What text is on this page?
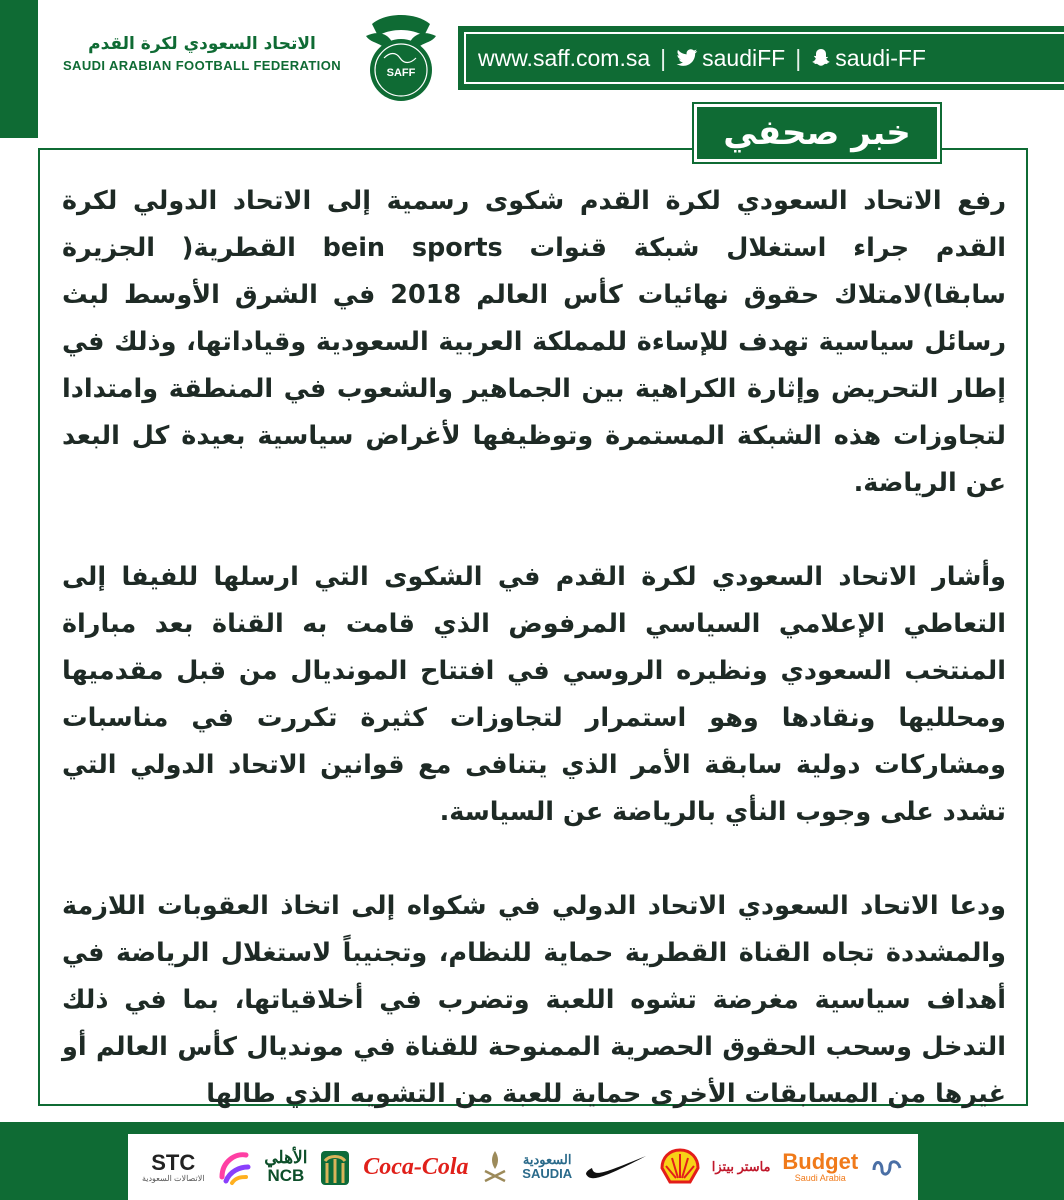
الاتحاد السعودي لكرة القدم
SAUDI ARABIAN FOOTBALL FEDERATION	SAFF
www.saff.com.sa | saudiFF | saudi-FF
خبر صحفي

رفع الاتحاد السعودي لكرة القدم شكوى رسمية إلى الاتحاد الدولي لكرة القدم جراء استغلال شبكة قنوات bein sports القطرية( الجزيرة سابقا)لامتلاك حقوق نهائيات كأس العالم 2018 في الشرق الأوسط لبث رسائل سياسية تهدف للإساءة للمملكة العربية السعودية وقياداتها، وذلك في إطار التحريض وإثارة الكراهية بين الجماهير والشعوب في المنطقة وامتدادا لتجاوزات هذه الشبكة المستمرة وتوظيفها لأغراض سياسية بعيدة كل البعد عن الرياضة.

وأشار الاتحاد السعودي لكرة القدم في الشكوى التي ارسلها للفيفا إلى التعاطي الإعلامي السياسي المرفوض الذي قامت به القناة بعد مباراة المنتخب السعودي ونظيره الروسي في افتتاح المونديال من قبل مقدميها ومحلليها ونقادها وهو استمرار لتجاوزات كثيرة تكررت في مناسبات ومشاركات دولية سابقة الأمر الذي يتنافى مع قوانين الاتحاد الدولي التي تشدد على وجوب النأي بالرياضة عن السياسة.

ودعا الاتحاد السعودي الاتحاد الدولي في شكواه إلى اتخاذ العقوبات اللازمة والمشددة تجاه القناة القطرية حماية للنظام، وتجنيباً لاستغلال الرياضة في أهداف سياسية مغرضة تشوه اللعبة وتضرب في أخلاقياتها، بما في ذلك التدخل وسحب الحقوق الحصرية الممنوحة للقناة في مونديال كأس العالم أو غيرها من المسابقات الأخرى حماية للعبة من التشويه الذي طالها

STC
الاتصالات السعودية
الأهلي
NCB Coca-Cola	السعودية
SAUDIA	ماستر بيتزا Budget
Saudi Arabia
